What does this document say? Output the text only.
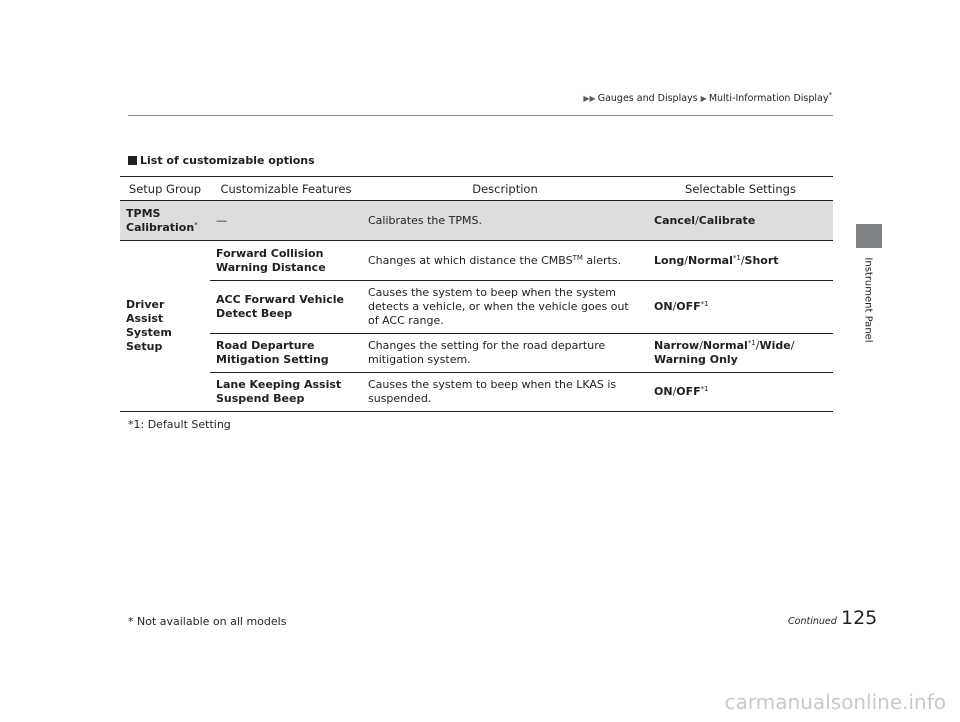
▶▶ Gauges and Displays ▶ Multi-Information Display*
Instrument Panel
List of customizable options
Setup Group	Customizable Features	Description	Selectable Settings
TPMS Calibration*	—	Calibrates the TPMS.	Cancel/Calibrate
Driver Assist System Setup	Forward Collision Warning Distance	Changes at which distance the CMBS™ alerts.	Long/Normal$^{*1}$/Short
	ACC Forward Vehicle Detect Beep	Causes the system to beep when the system detects a vehicle, or when the vehicle goes out of ACC range.	ON/OFF$^{*1}$
	Road Departure Mitigation Setting	Changes the setting for the road departure mitigation system.	Narrow/Normal$^{*1}$/Wide/
Warning Only
	Lane Keeping Assist Suspend Beep	Causes the system to beep when the LKAS is suspended.	ON/OFF$^{*1}$
*1: Default Setting
125
Continued
* Not available on all models
carmanualsonline.info
